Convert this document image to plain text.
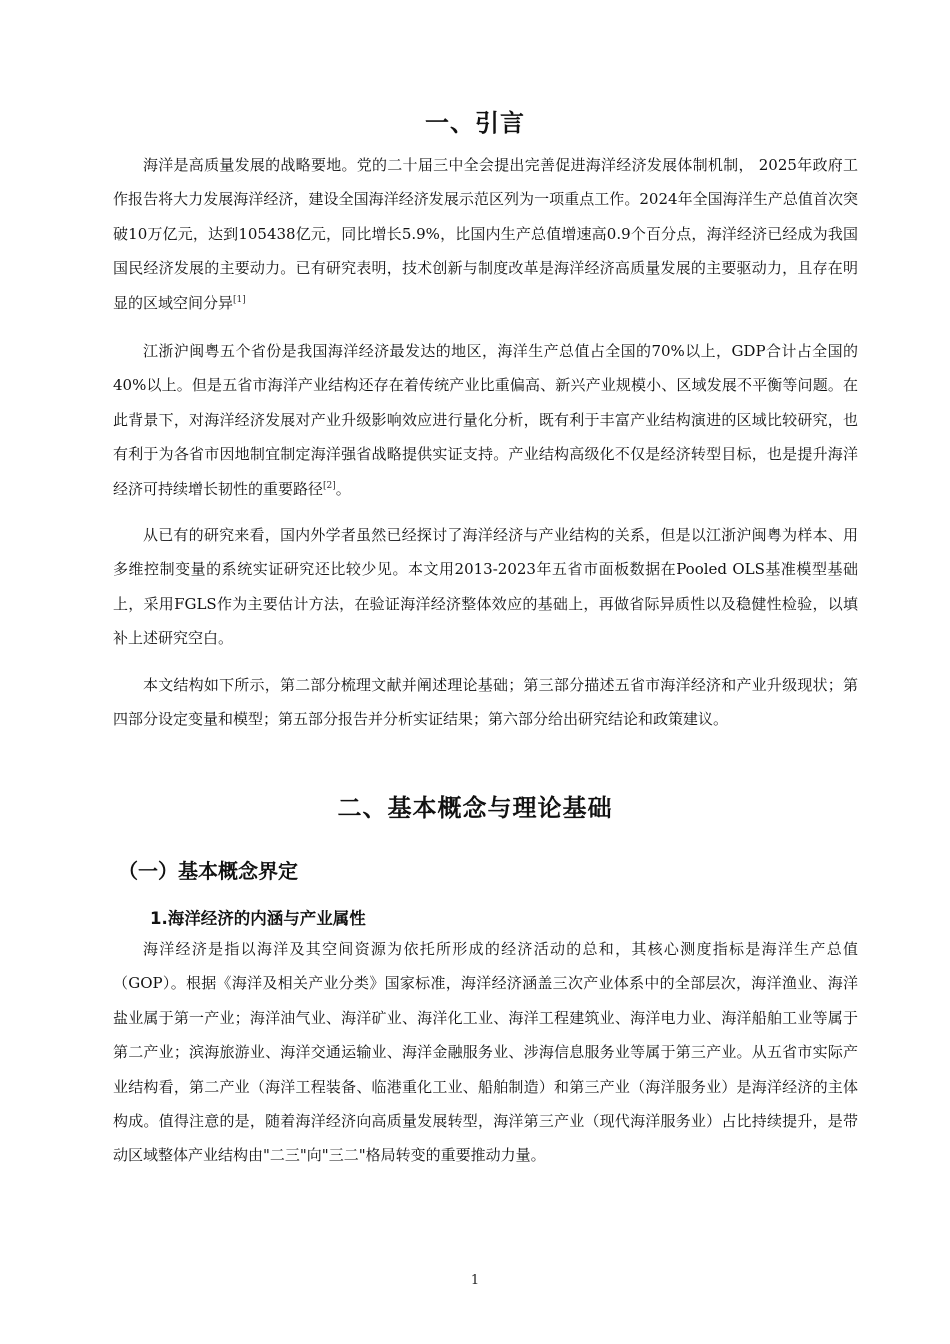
一、引言
海洋是高质量发展的战略要地。党的二十届三中全会提出完善促进海洋经济发展体制机制， 2025年政府工作报告将大力发展海洋经济，建设全国海洋经济发展示范区列为一项重点工作。2024年全国海洋生产总值首次突破10万亿元，达到105438亿元，同比增长5.9%，比国内生产总值增速高0.9个百分点，海洋经济已经成为我国国民经济发展的主要动力。已有研究表明，技术创新与制度改革是海洋经济高质量发展的主要驱动力，且存在明显的区域空间分异[1]
江浙沪闽粤五个省份是我国海洋经济最发达的地区，海洋生产总值占全国的70%以上，GDP合计占全国的40%以上。但是五省市海洋产业结构还存在着传统产业比重偏高、新兴产业规模小、区域发展不平衡等问题。在此背景下，对海洋经济发展对产业升级影响效应进行量化分析，既有利于丰富产业结构演进的区域比较研究，也有利于为各省市因地制宜制定海洋强省战略提供实证支持。产业结构高级化不仅是经济转型目标，也是提升海洋经济可持续增长韧性的重要路径[2]。
从已有的研究来看，国内外学者虽然已经探讨了海洋经济与产业结构的关系，但是以江浙沪闽粤为样本、用多维控制变量的系统实证研究还比较少见。本文用2013-2023年五省市面板数据在Pooled OLS基准模型基础上，采用FGLS作为主要估计方法，在验证海洋经济整体效应的基础上，再做省际异质性以及稳健性检验，以填补上述研究空白。
本文结构如下所示，第二部分梳理文献并阐述理论基础；第三部分描述五省市海洋经济和产业升级现状；第四部分设定变量和模型；第五部分报告并分析实证结果；第六部分给出研究结论和政策建议。
二、基本概念与理论基础
（一）基本概念界定
1.海洋经济的内涵与产业属性
海洋经济是指以海洋及其空间资源为依托所形成的经济活动的总和，其核心测度指标是海洋生产总值（GOP）。根据《海洋及相关产业分类》国家标准，海洋经济涵盖三次产业体系中的全部层次，海洋渔业、海洋盐业属于第一产业；海洋油气业、海洋矿业、海洋化工业、海洋工程建筑业、海洋电力业、海洋船舶工业等属于第二产业；滨海旅游业、海洋交通运输业、海洋金融服务业、涉海信息服务业等属于第三产业。从五省市实际产业结构看，第二产业（海洋工程装备、临港重化工业、船舶制造）和第三产业（海洋服务业）是海洋经济的主体构成。值得注意的是，随着海洋经济向高质量发展转型，海洋第三产业（现代海洋服务业）占比持续提升，是带动区域整体产业结构由"二三"向"三二"格局转变的重要推动力量。
1
